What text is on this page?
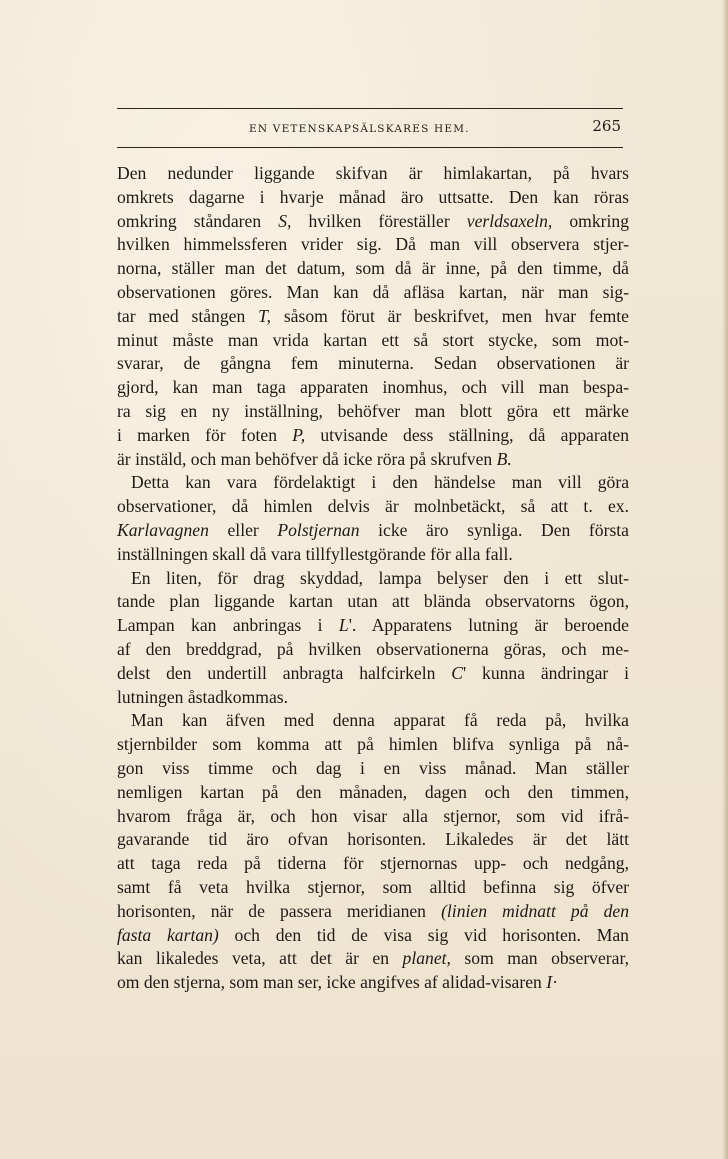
EN VETENSKAPSÄLSKARES HEM.	265
Den nedunder liggande skifvan är himlakartan, på hvars
omkrets dagarne i hvarje månad äro uttsatte. Den kan röras
omkring ståndaren S, hvilken föreställer verldsaxeln, omkring
hvilken himmelssferen vrider sig. Då man vill observera stjer-
norna, ställer man det datum, som då är inne, på den timme, då
observationen göres. Man kan då afläsa kartan, när man sig-
tar med stången T, såsom förut är beskrifvet, men hvar femte
minut måste man vrida kartan ett så stort stycke, som mot-
svarar, de gångna fem minuterna. Sedan observationen är
gjord, kan man taga apparaten inomhus, och vill man bespa-
ra sig en ny inställning, behöfver man blott göra ett märke
i marken för foten P, utvisande dess ställning, då apparaten
är instäld, och man behöfver då icke röra på skrufven B.
Detta kan vara fördelaktigt i den händelse man vill göra
observationer, då himlen delvis är molnbetäckt, så att t. ex.
Karlavagnen eller Polstjernan icke äro synliga. Den första
inställningen skall då vara tillfyllestgörande för alla fall.
En liten, för drag skyddad, lampa belyser den i ett slut-
tande plan liggande kartan utan att blända observatorns ögon,
Lampan kan anbringas i L'. Apparatens lutning är beroende
af den breddgrad, på hvilken observationerna göras, och me-
delst den undertill anbragta halfcirkeln C' kunna ändringar i
lutningen åstadkommas.
Man kan äfven med denna apparat få reda på, hvilka
stjernbilder som komma att på himlen blifva synliga på nå-
gon viss timme och dag i en viss månad. Man ställer
nemligen kartan på den månaden, dagen och den timmen,
hvarom fråga är, och hon visar alla stjernor, som vid ifrå-
gavarande tid äro ofvan horisonten. Likaledes är det lätt
att taga reda på tiderna för stjernornas upp- och nedgång,
samt få veta hvilka stjernor, som alltid befinna sig öfver
horisonten, när de passera meridianen (linien midnatt på den
fasta kartan) och den tid de visa sig vid horisonten. Man
kan likaledes veta, att det är en planet, som man observerar,
om den stjerna, som man ser, icke angifves af alidad-visaren I·
